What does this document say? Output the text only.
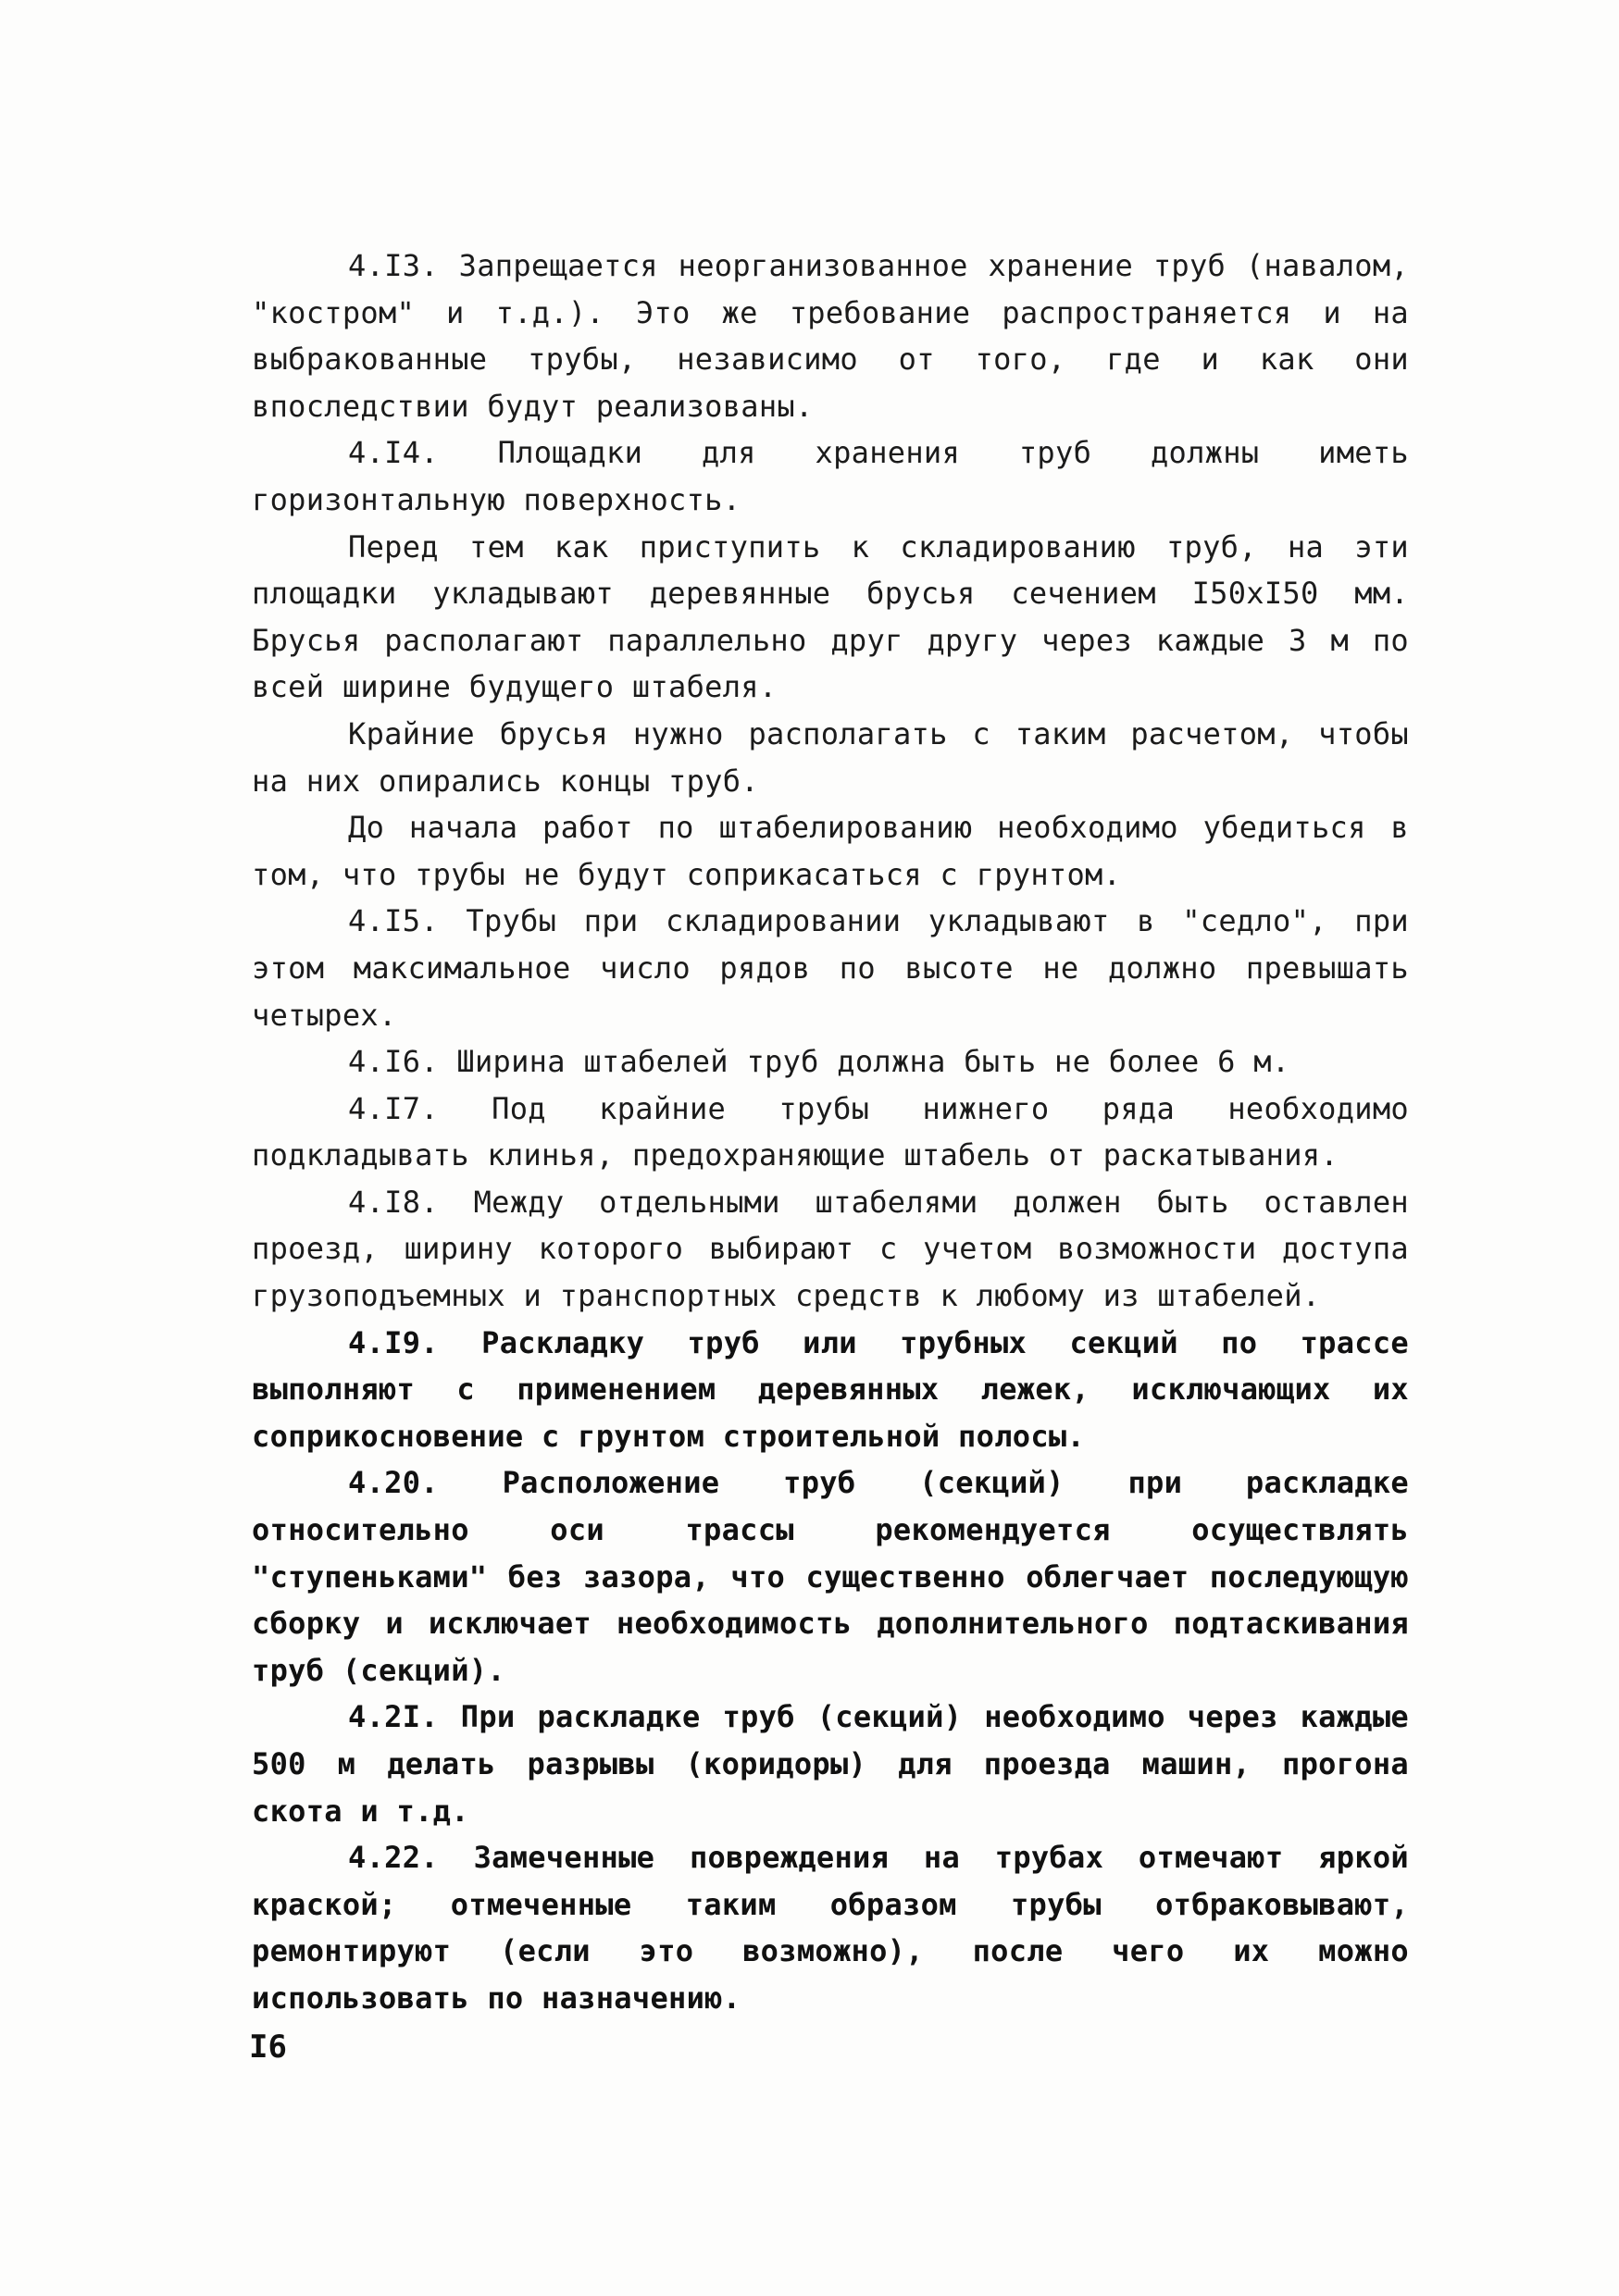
4.I3. Запрещается неорганизованное хранение труб (навалом, "костром" и т.д.). Это же требование распространяется и на выбракованные трубы, независимо от того, где и как они впоследствии будут реализованы.

4.I4. Площадки для хранения труб должны иметь горизонтальную поверхность.

Перед тем как приступить к складированию труб, на эти площадки укладывают деревянные брусья сечением I50хI50 мм. Брусья располагают параллельно друг другу через каждые 3 м по всей ширине будущего штабеля.

Крайние брусья нужно располагать с таким расчетом, чтобы на них опирались концы труб.

До начала работ по штабелированию необходимо убедиться в том, что трубы не будут соприкасаться с грунтом.

4.I5. Трубы при складировании укладывают в "седло", при этом максимальное число рядов по высоте не должно превышать четырех.

4.I6. Ширина штабелей труб должна быть не более 6 м.

4.I7. Под крайние трубы нижнего ряда необходимо подкладывать клинья, предохраняющие штабель от раскатывания.

4.I8. Между отдельными штабелями должен быть оставлен проезд, ширину которого выбирают с учетом возможности доступа грузоподъемных и транспортных средств к любому из штабелей.

4.I9. Раскладку труб или трубных секций по трассе выполняют с применением деревянных лежек, исключающих их соприкосновение с грунтом строительной полосы.

4.20. Расположение труб (секций) при раскладке относительно оси трассы рекомендуется осуществлять "ступеньками" без зазора, что существенно облегчает последующую сборку и исключает необходимость дополнительного подтаскивания труб (секций).

4.2I. При раскладке труб (секций) необходимо через каждые 500 м делать разрывы (коридоры) для проезда машин, прогона скота и т.д.

4.22. Замеченные повреждения на трубах отмечают яркой краской; отмеченные таким образом трубы отбраковывают, ремонтируют (если это возможно), после чего их можно использовать по назначению.

I6
